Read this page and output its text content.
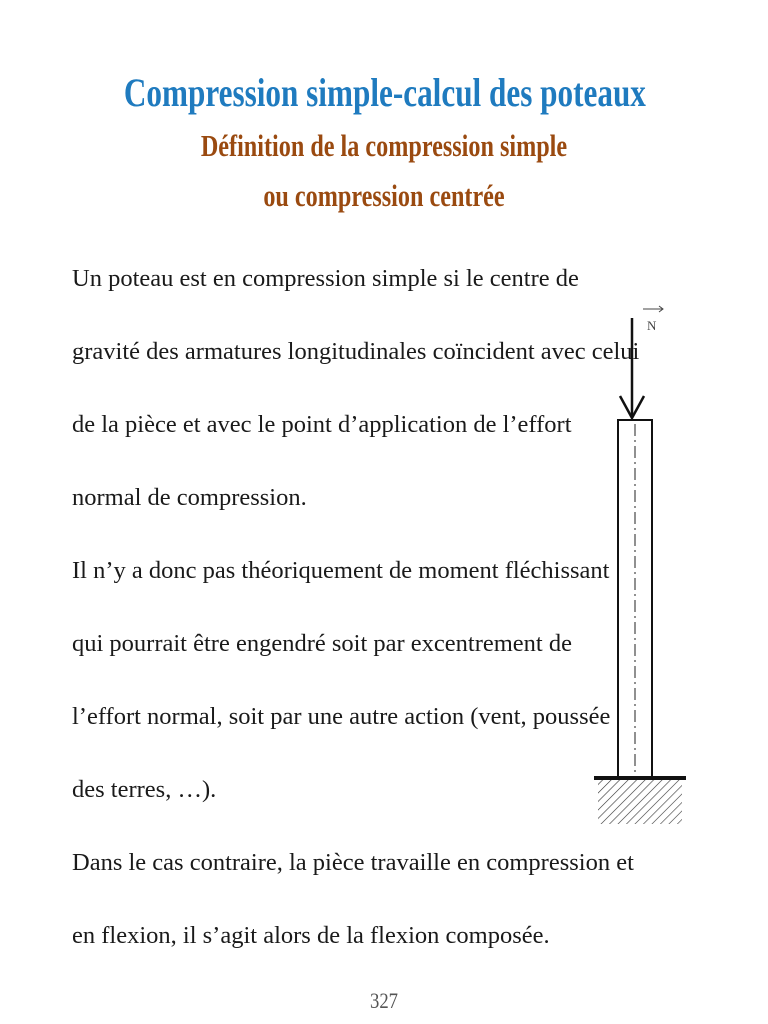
Compression simple-calcul des poteaux
Définition de la compression simple
ou compression centrée
Un poteau est en compression simple si le centre de
gravité des armatures longitudinales coïncident avec celui
de la pièce et avec le point d’application de l’effort
normal de compression.
Il n’y a donc pas théoriquement de moment fléchissant
qui pourrait être engendré soit par excentrement de
l’effort normal, soit par une autre action (vent, poussée
des terres, …).
Dans le cas contraire, la pièce travaille en compression et
en flexion, il s’agit alors de la flexion composée.
N
327
